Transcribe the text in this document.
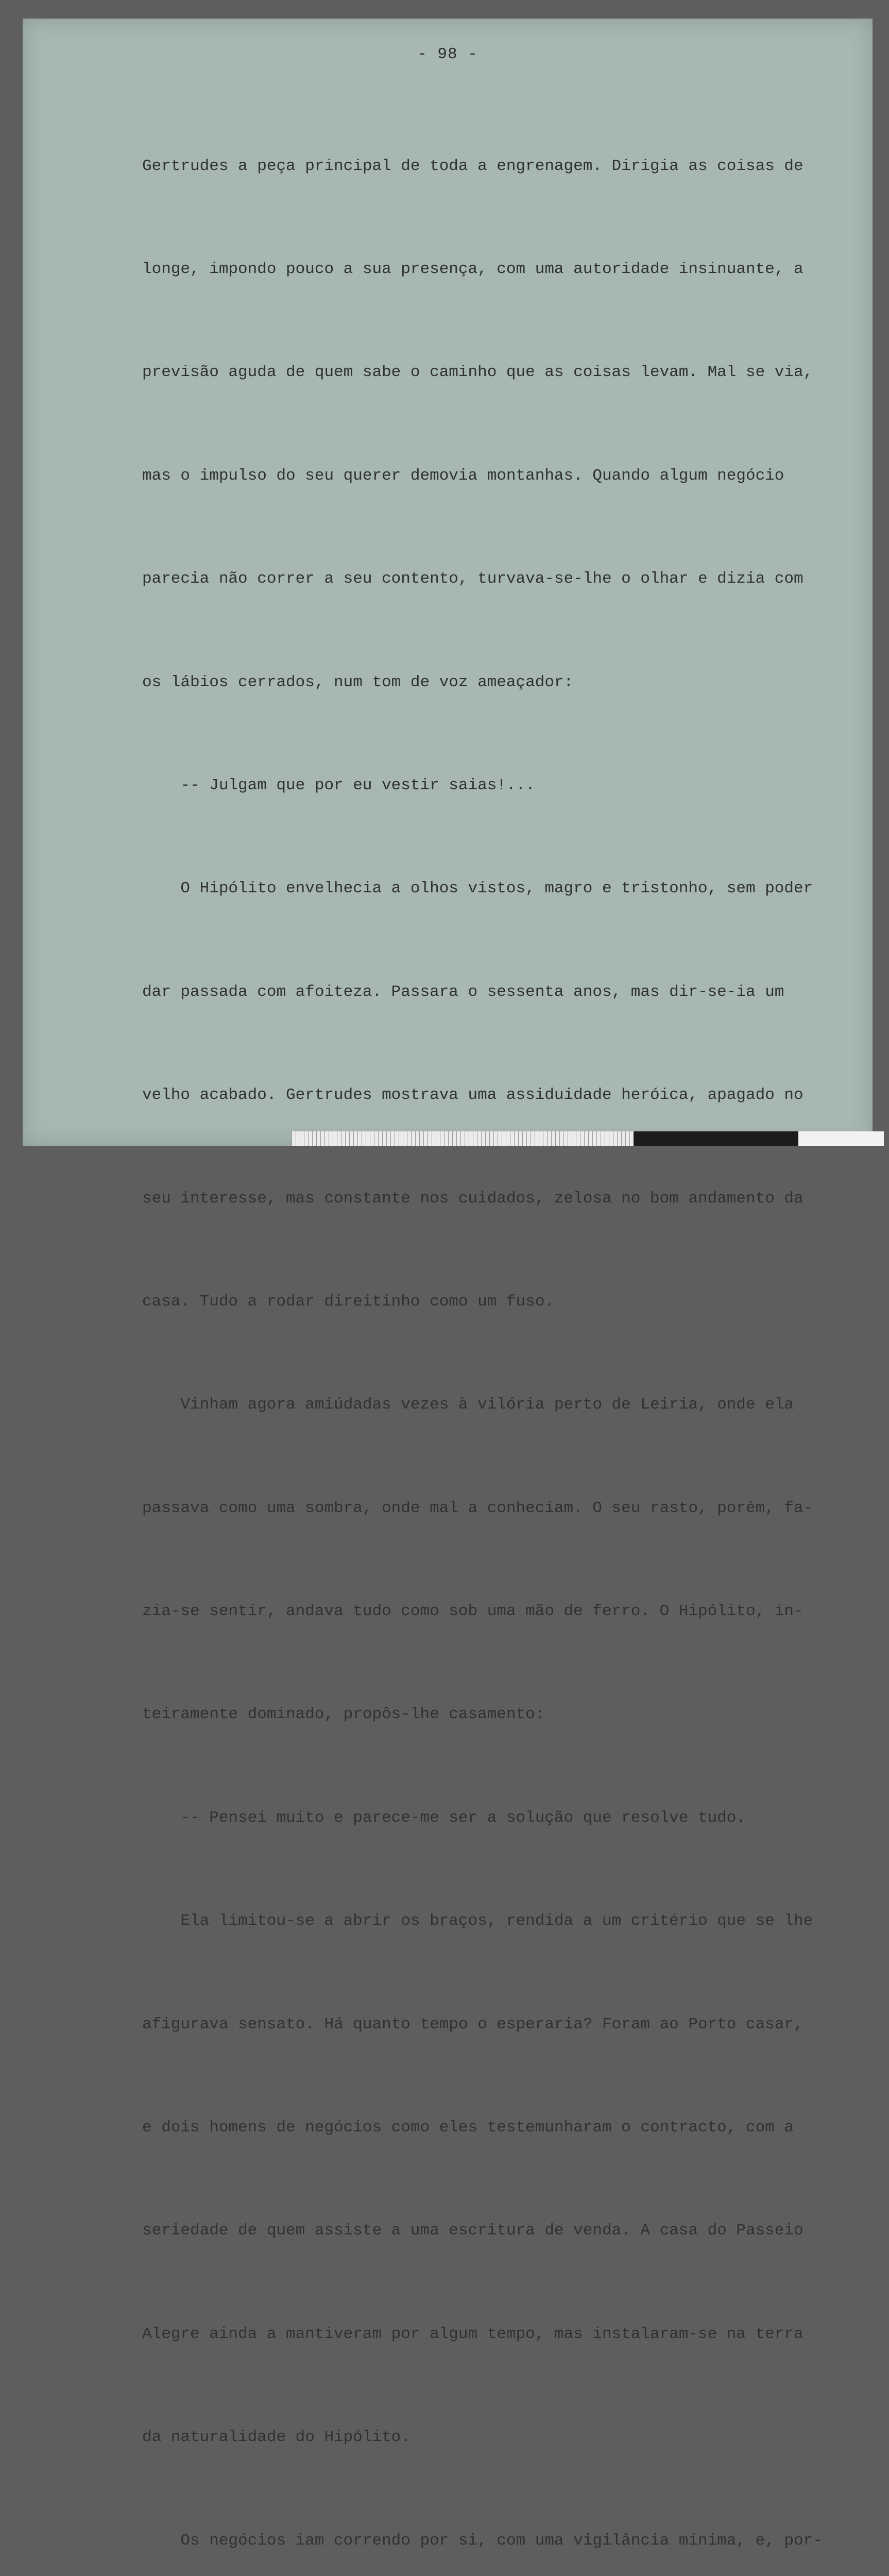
- 98 -

Gertrudes a peça principal de toda a engrenagem. Dirigia as coisas de

longe, impondo pouco a sua presença, com uma autoridade insinuante, a

previsão aguda de quem sabe o caminho que as coisas levam. Mal se via,

mas o impulso do seu querer demovia montanhas. Quando algum negócio

parecia não correr a seu contento, turvava-se-lhe o olhar e dizia com

os lábios cerrados, num tom de voz ameaçador:

-- Julgam que por eu vestir saias!...

O Hipólito envelhecia a olhos vistos, magro e tristonho, sem poder

dar passada com afoiteza. Passara o sessenta anos, mas dir-se-ia um

velho acabado. Gertrudes mostrava uma assiduidade heróica, apagado no

seu interesse, mas constante nos cuidados, zelosa no bom andamento da

casa. Tudo a rodar direitinho como um fuso.

Vinham agora amiúdadas vezes à vilória perto de Leiria, onde ela

passava como uma sombra, onde mal a conheciam. O seu rasto, porém, fa-

zia-se sentir, andava tudo como sob uma mão de ferro. O Hipólito, in-

teiramente dominado, propôs-lhe casamento:

-- Pensei muito e parece-me ser a solução que resolve tudo.

Ela limitou-se a abrir os braços, rendida a um critério que se lhe

afigurava sensato. Há quanto tempo o esperaria? Foram ao Porto casar,

e dois homens de negócios como eles testemunharam o contracto, com a

seriedade de quem assiste a uma escritura de venda. A casa do Passeio

Alegre ainda a mantiveram por algum tempo, mas instalaram-se na terra

da naturalidade do Hipólito.

Os negócios iam correndo por si, com uma vigilância mínima, e, por-
